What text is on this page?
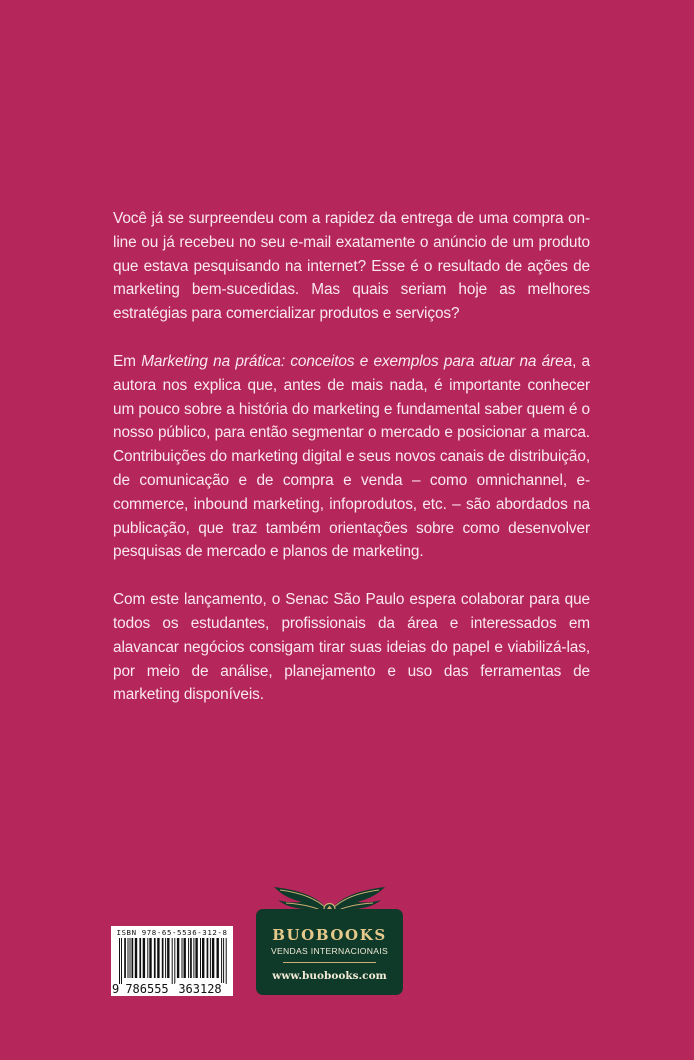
Você já se surpreendeu com a rapidez da entrega de uma compra on-line ou já recebeu no seu e-mail exatamente o anúncio de um produto que estava pesquisando na internet? Esse é o resultado de ações de marketing bem-sucedidas. Mas quais seriam hoje as melhores estratégias para comercializar produtos e serviços?

Em Marketing na prática: conceitos e exemplos para atuar na área, a autora nos explica que, antes de mais nada, é importante conhecer um pouco sobre a história do marketing e fundamental saber quem é o nosso público, para então segmentar o mercado e posicionar a marca. Contribuições do marketing digital e seus novos canais de distribuição, de comunicação e de compra e venda – como omnichannel, e-commerce, inbound marketing, infoprodutos, etc. – são abordados na publicação, que traz também orientações sobre como desenvolver pesquisas de mercado e planos de marketing.

Com este lançamento, o Senac São Paulo espera colaborar para que todos os estudantes, profissionais da área e interessados em alavancar negócios consigam tirar suas ideias do papel e viabilizá-las, por meio de análise, planejamento e uso das ferramentas de marketing disponíveis.

ISBN 978-65-5536-312-8
9 786555 363128
BUOBOOKS
VENDAS INTERNACIONAIS
www.buobooks.com
